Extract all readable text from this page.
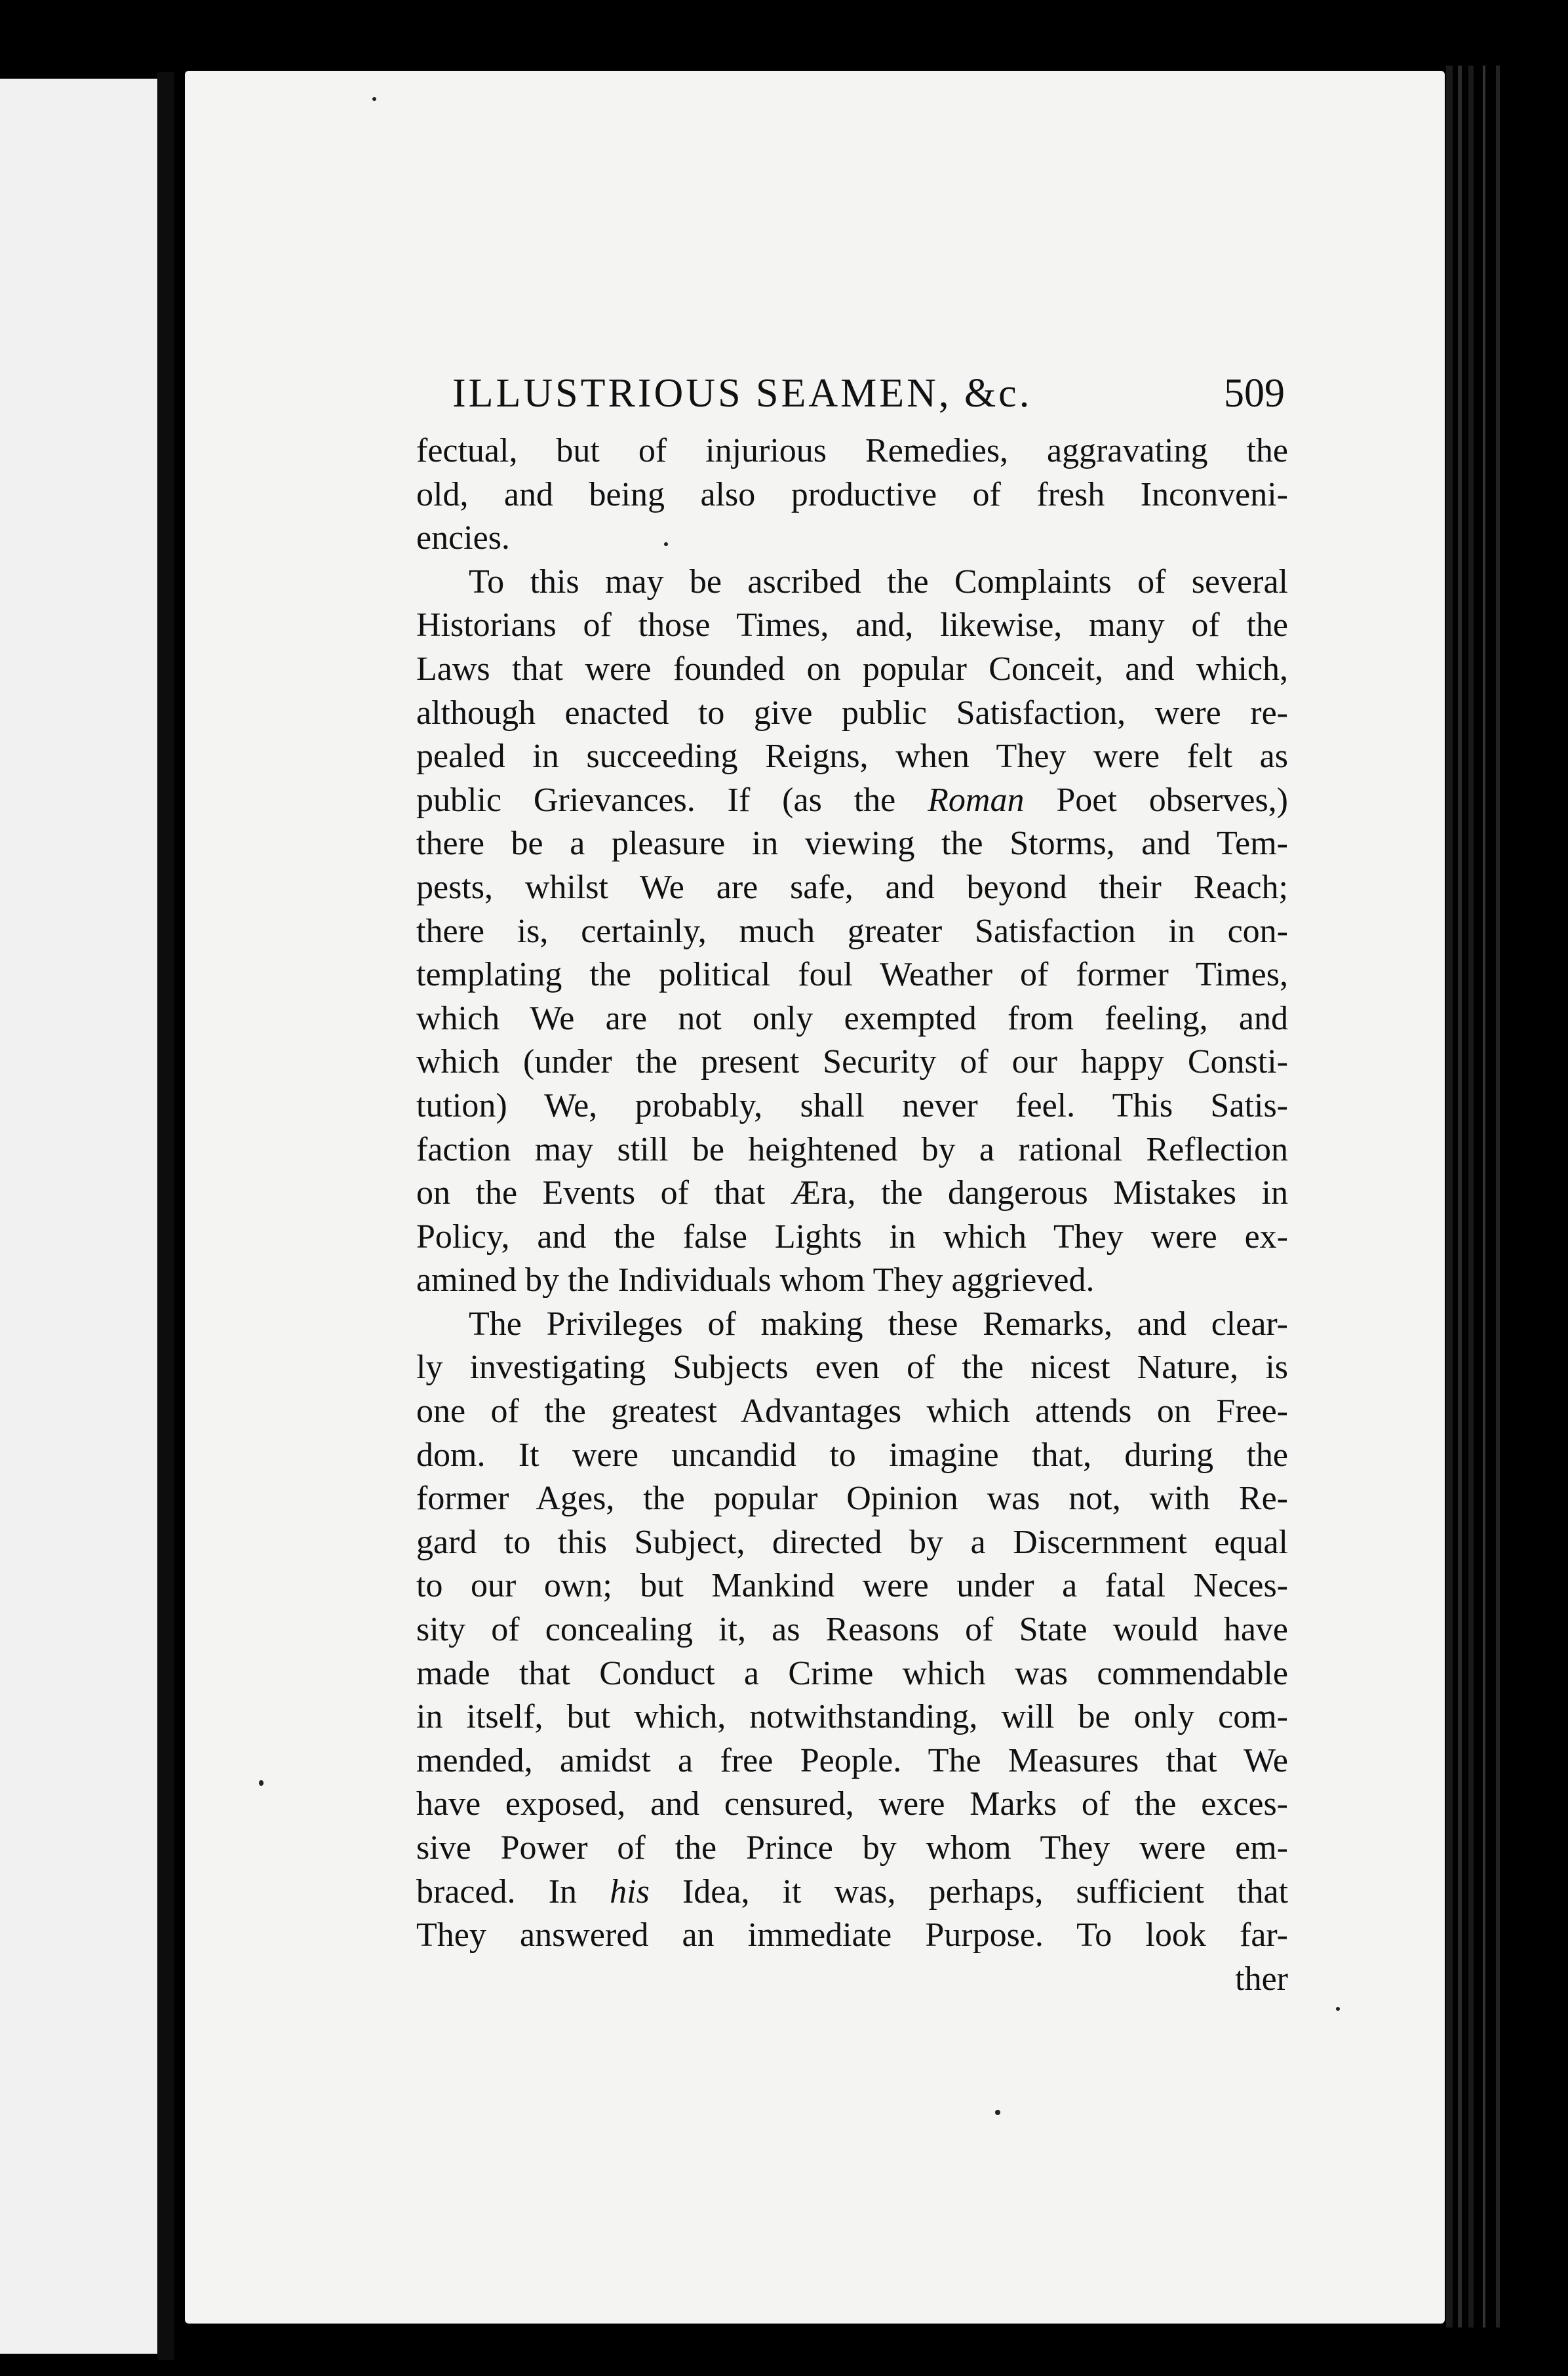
ILLUSTRIOUS SEAMEN, &c.	509
fectual, but of injurious Remedies, aggravating the
old, and being also productive of fresh Inconveni-
encies.
To this may be ascribed the Complaints of several
Historians of those Times, and, likewise, many of the
Laws that were founded on popular Conceit, and which,
although enacted to give public Satisfaction, were re-
pealed in succeeding Reigns, when They were felt as
public Grievances. If (as the Roman Poet observes,)
there be a pleasure in viewing the Storms, and Tem-
pests, whilst We are safe, and beyond their Reach;
there is, certainly, much greater Satisfaction in con-
templating the political foul Weather of former Times,
which We are not only exempted from feeling, and
which (under the present Security of our happy Consti-
tution) We, probably, shall never feel. This Satis-
faction may still be heightened by a rational Reflection
on the Events of that Æra, the dangerous Mistakes in
Policy, and the false Lights in which They were ex-
amined by the Individuals whom They aggrieved.
The Privileges of making these Remarks, and clear-
ly investigating Subjects even of the nicest Nature, is
one of the greatest Advantages which attends on Free-
dom. It were uncandid to imagine that, during the
former Ages, the popular Opinion was not, with Re-
gard to this Subject, directed by a Discernment equal
to our own; but Mankind were under a fatal Neces-
sity of concealing it, as Reasons of State would have
made that Conduct a Crime which was commendable
in itself, but which, notwithstanding, will be only com-
mended, amidst a free People. The Measures that We
have exposed, and censured, were Marks of the exces-
sive Power of the Prince by whom They were em-
braced. In his Idea, it was, perhaps, sufficient that
They answered an immediate Purpose. To look far-
ther
